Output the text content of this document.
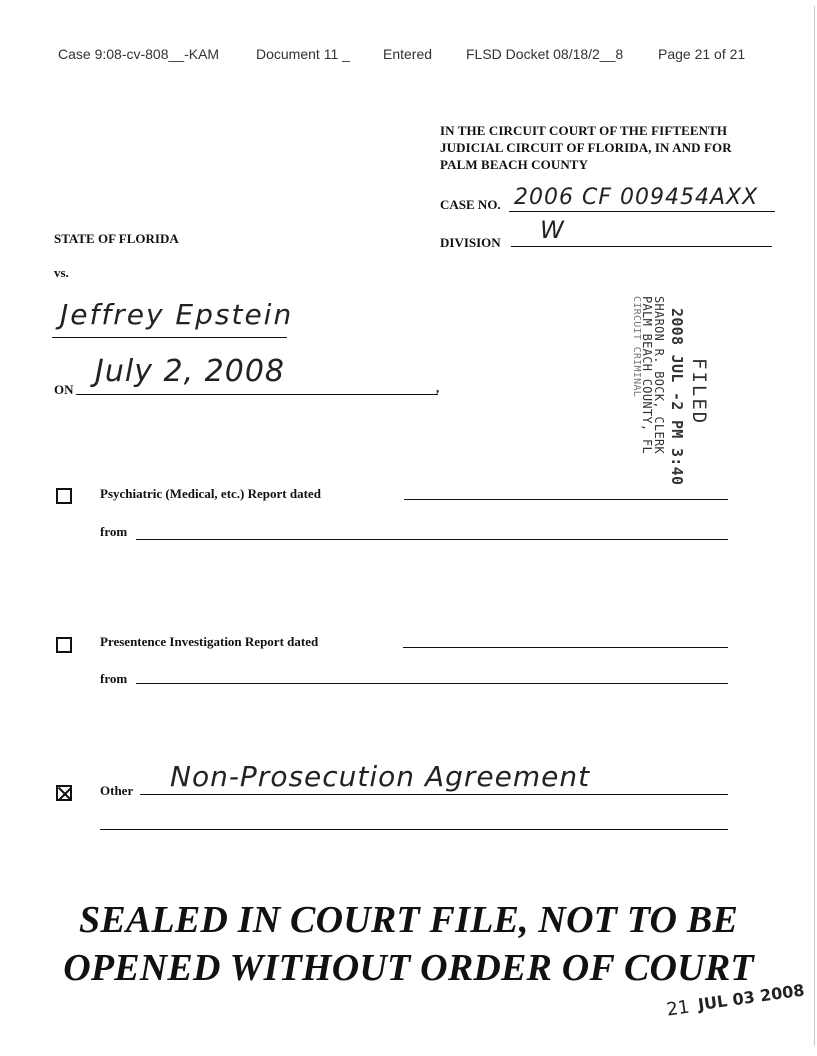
Case 9:08-cv-808__-KAM	Document 11 _ Entered FLSD Docket 08/18/2__8 Page 21 of 21
IN THE CIRCUIT COURT OF THE FIFTEENTH
JUDICIAL CIRCUIT OF FLORIDA, IN AND FOR
PALM BEACH COUNTY
CASE NO. 2006 CF 009454AXX
DIVISION W
STATE OF FLORIDA
vs.
Jeffrey Epstein
ON
July 2, 2008	,	FILED
2008 JUL -2 PM 3:40
SHARON R. BOCK, CLERK
PALM BEACH COUNTY, FL
CIRCUIT CRIMINAL
Psychiatric (Medical, etc.) Report dated
from
Presentence Investigation Report dated
from
Other Non-Prosecution Agreement
SEALED IN COURT FILE, NOT TO BE
OPENED WITHOUT ORDER OF COURT
21 JUL 03 2008
